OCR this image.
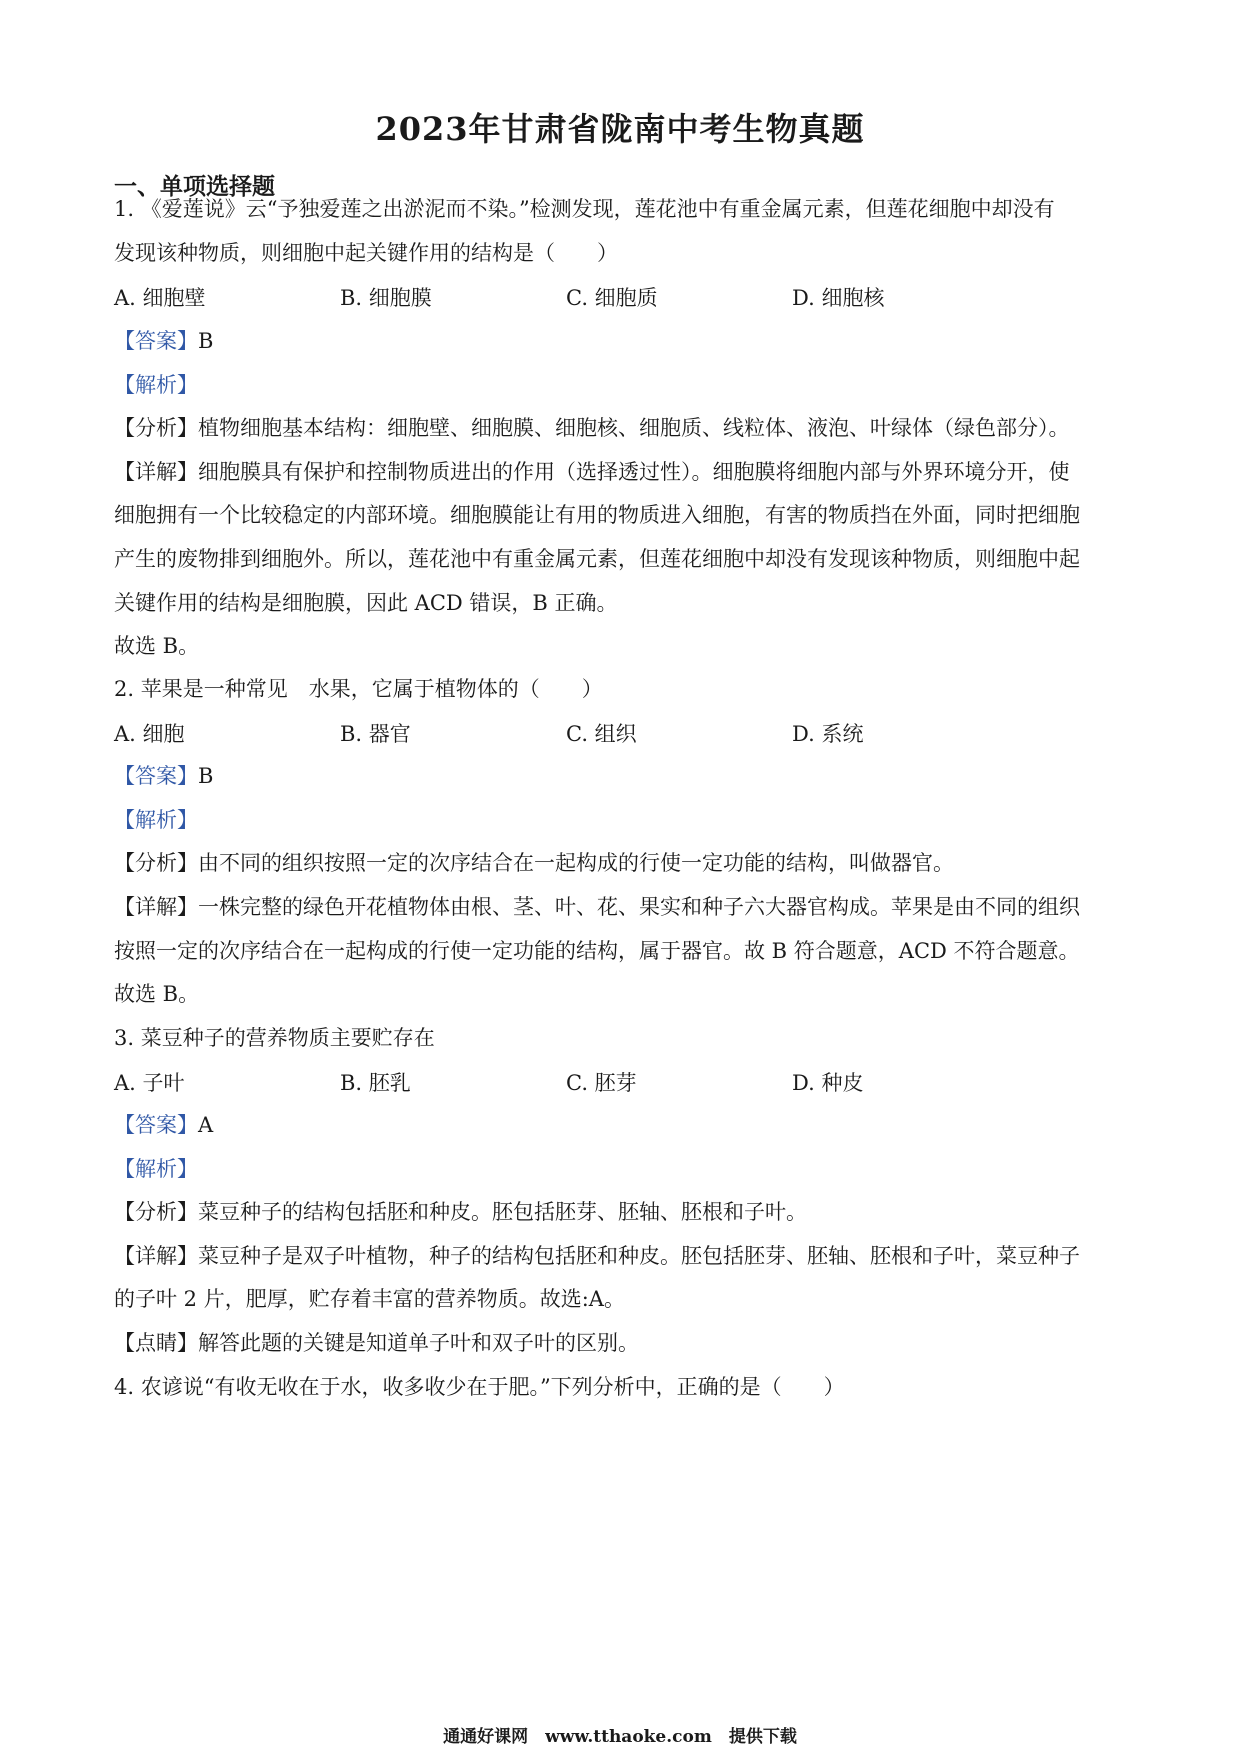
2023年甘肃省陇南中考生物真题
一、单项选择题
1. 《爱莲说》云“予独爱莲之出淤泥而不染。”检测发现，莲花池中有重金属元素，但莲花细胞中却没有
发现该种物质，则细胞中起关键作用的结构是（　　）
A. 细胞壁	B. 细胞膜	C. 细胞质	D. 细胞核
【答案】B
【解析】
【分析】植物细胞基本结构：细胞壁、细胞膜、细胞核、细胞质、线粒体、液泡、叶绿体（绿色部分）。
【详解】细胞膜具有保护和控制物质进出的作用（选择透过性）。细胞膜将细胞内部与外界环境分开，使
细胞拥有一个比较稳定的内部环境。细胞膜能让有用的物质进入细胞，有害的物质挡在外面，同时把细胞
产生的废物排到细胞外。所以，莲花池中有重金属元素，但莲花细胞中却没有发现该种物质，则细胞中起
关键作用的结构是细胞膜，因此 ACD 错误，B 正确。
故选 B。
2. 苹果是一种常见　水果，它属于植物体的（　　）
A. 细胞	B. 器官	C. 组织	D. 系统
【答案】B
【解析】
【分析】由不同的组织按照一定的次序结合在一起构成的行使一定功能的结构，叫做器官。
【详解】一株完整的绿色开花植物体由根、茎、叶、花、果实和种子六大器官构成。苹果是由不同的组织
按照一定的次序结合在一起构成的行使一定功能的结构，属于器官。故 B 符合题意，ACD 不符合题意。
故选 B。
3. 菜豆种子的营养物质主要贮存在
A. 子叶	B. 胚乳	C. 胚芽	D. 种皮
【答案】A
【解析】
【分析】菜豆种子的结构包括胚和种皮。胚包括胚芽、胚轴、胚根和子叶。
【详解】菜豆种子是双子叶植物，种子的结构包括胚和种皮。胚包括胚芽、胚轴、胚根和子叶，菜豆种子
的子叶 2 片，肥厚，贮存着丰富的营养物质。故选:A。
【点睛】解答此题的关键是知道单子叶和双子叶的区别。
4. 农谚说“有收无收在于水，收多收少在于肥。”下列分析中，正确的是（　　）
通通好课网　www.tthaoke.com　提供下载
